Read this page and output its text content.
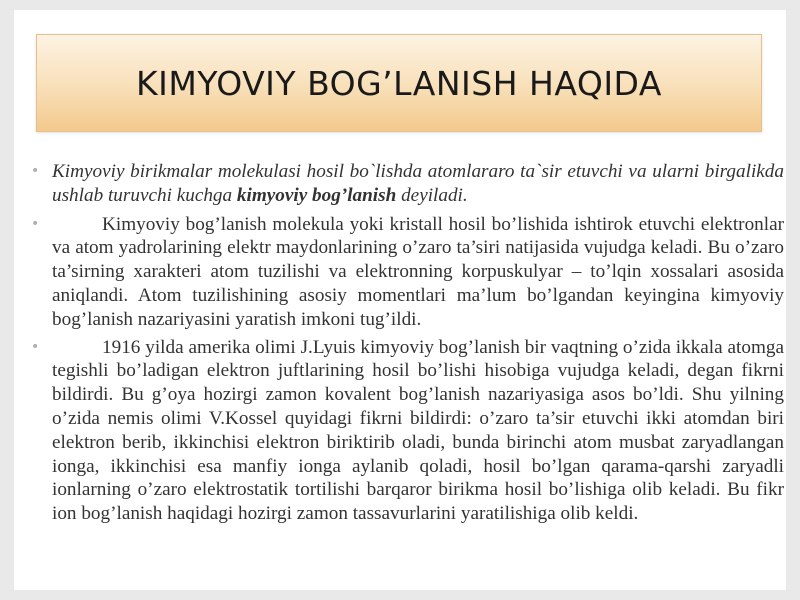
KIMYOVIY BOG’LANISH HAQIDA

• Kimyoviy birikmalar molekulasi hosil bo`lishda atomlararo ta`sir etuvchi va ularni birgalikda ushlab turuvchi kuchga kimyoviy bog’lanish deyiladi.

•	Kimyoviy bog’lanish molekula yoki kristall hosil bo’lishida ishtirok etuvchi elektronlar va atom yadrolarining elektr maydonlarining o’zaro ta’siri natijasida vujudga keladi. Bu o’zaro ta’sirning xarakteri atom tuzilishi va elektronning korpuskulyar – to’lqin xossalari asosida aniqlandi. Atom tuzilishining asosiy momentlari ma’lum bo’lgandan keyingina kimyoviy bog’lanish nazariyasini yaratish imkoni tug’ildi.

•	1916 yilda amerika olimi J.Lyuis kimyoviy bog’lanish bir vaqtning o’zida ikkala atomga tegishli bo’ladigan elektron juftlarining hosil bo’lishi hisobiga vujudga keladi, degan fikrni bildirdi. Bu g’oya hozirgi zamon kovalent bog’lanish nazariyasiga asos bo’ldi. Shu yilning o’zida nemis olimi V.Kossel quyidagi fikrni bildirdi: o’zaro ta’sir etuvchi ikki atomdan biri elektron berib, ikkinchisi elektron biriktirib oladi, bunda birinchi atom musbat zaryadlangan ionga, ikkinchisi esa manfiy ionga aylanib qoladi, hosil bo’lgan qarama-qarshi zaryadli ionlarning o’zaro elektrostatik tortilishi barqaror birikma hosil bo’lishiga olib keladi. Bu fikr ion bog’lanish haqidagi hozirgi zamon tassavurlarini yaratilishiga olib keldi.
